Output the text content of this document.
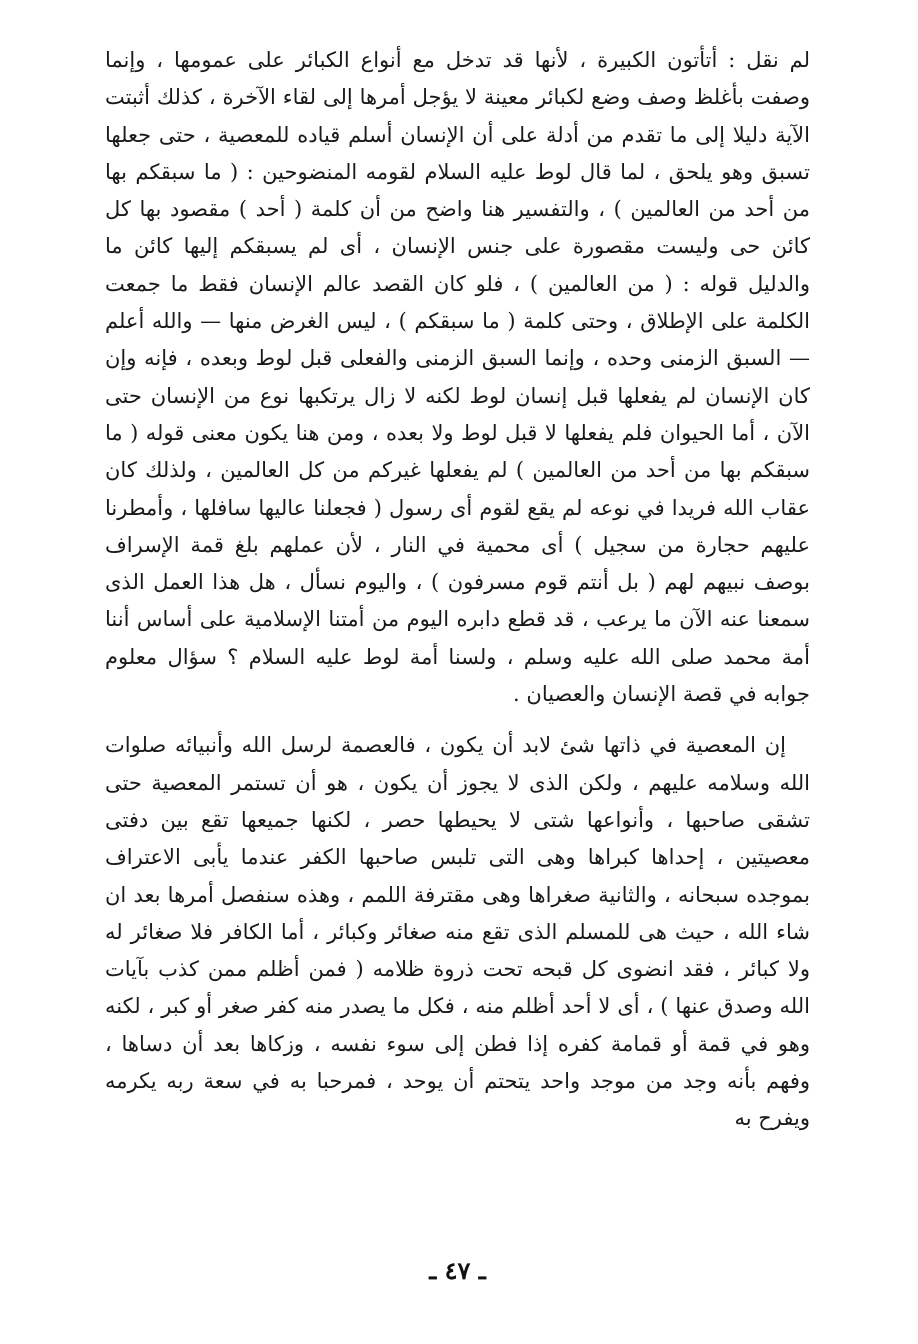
لم نقل : أتأتون الكبيرة ، لأنها قد تدخل مع أنواع الكبائر على عمومها ، وإنما وصفت بأغلظ وصف وضع لكبائر معينة لا يؤجل أمرها إلى لقاء الآخرة ، كذلك أثبتت الآية دليلا إلى ما تقدم من أدلة على أن الإنسان أسلم قياده للمعصية ، حتى جعلها تسبق وهو يلحق ، لما قال لوط عليه السلام لقومه المنضوحين : ( ما سبقكم بها من أحد من العالمين ) ، والتفسير هنا واضح من أن كلمة ( أحد ) مقصود بها كل كائن حى وليست مقصورة على جنس الإنسان ، أى لم يسبقكم إليها كائن ما والدليل قوله : ( من العالمين ) ، فلو كان القصد عالم الإنسان فقط ما جمعت الكلمة على الإطلاق ، وحتى كلمة ( ما سبقكم ) ، ليس الغرض منها — والله أعلم — السبق الزمنى وحده ، وإنما السبق الزمنى والفعلى قبل لوط وبعده ، فإنه وإن كان الإنسان لم يفعلها قبل إنسان لوط لكنه لا زال يرتكبها نوع من الإنسان حتى الآن ، أما الحيوان فلم يفعلها لا قبل لوط ولا بعده ، ومن هنا يكون معنى قوله ( ما سبقكم بها من أحد من العالمين ) لم يفعلها غيركم من كل العالمين ، ولذلك كان عقاب الله فريدا في نوعه لم يقع لقوم أى رسول ( فجعلنا عاليها سافلها ، وأمطرنا عليهم حجارة من سجيل ) أى محمية في النار ، لأن عملهم بلغ قمة الإسراف بوصف نبيهم لهم ( بل أنتم قوم مسرفون ) ، واليوم نسأل ، هل هذا العمل الذى سمعنا عنه الآن ما يرعب ، قد قطع دابره اليوم من أمتنا الإسلامية على أساس أننا أمة محمد صلى الله عليه وسلم ، ولسنا أمة لوط عليه السلام ؟ سؤال معلوم جوابه في قصة الإنسان والعصيان .

إن المعصية في ذاتها شئ لابد أن يكون ، فالعصمة لرسل الله وأنبيائه صلوات الله وسلامه عليهم ، ولكن الذى لا يجوز أن يكون ، هو أن تستمر المعصية حتى تشقى صاحبها ، وأنواعها شتى لا يحيطها حصر ، لكنها جميعها تقع بين دفتى معصيتين ، إحداها كبراها وهى التى تلبس صاحبها الكفر عندما يأبى الاعتراف بموجده سبحانه ، والثانية صغراها وهى مقترفة اللمم ، وهذه سنفصل أمرها بعد ان شاء الله ، حيث هى للمسلم الذى تقع منه صغائر وكبائر ، أما الكافر فلا صغائر له ولا كبائر ، فقد انضوى كل قبحه تحت ذروة ظلامه ( فمن أظلم ممن كذب بآيات الله وصدق عنها ) ، أى لا أحد أظلم منه ، فكل ما يصدر منه كفر صغر أو كبر ، لكنه وهو في قمة أو قمامة كفره إذا فطن إلى سوء نفسه ، وزكاها بعد أن دساها ، وفهم بأنه وجد من موجد واحد يتحتم أن يوحد ، فمرحبا به في سعة ربه يكرمه ويفرح به

ـ ٤٧ ـ
